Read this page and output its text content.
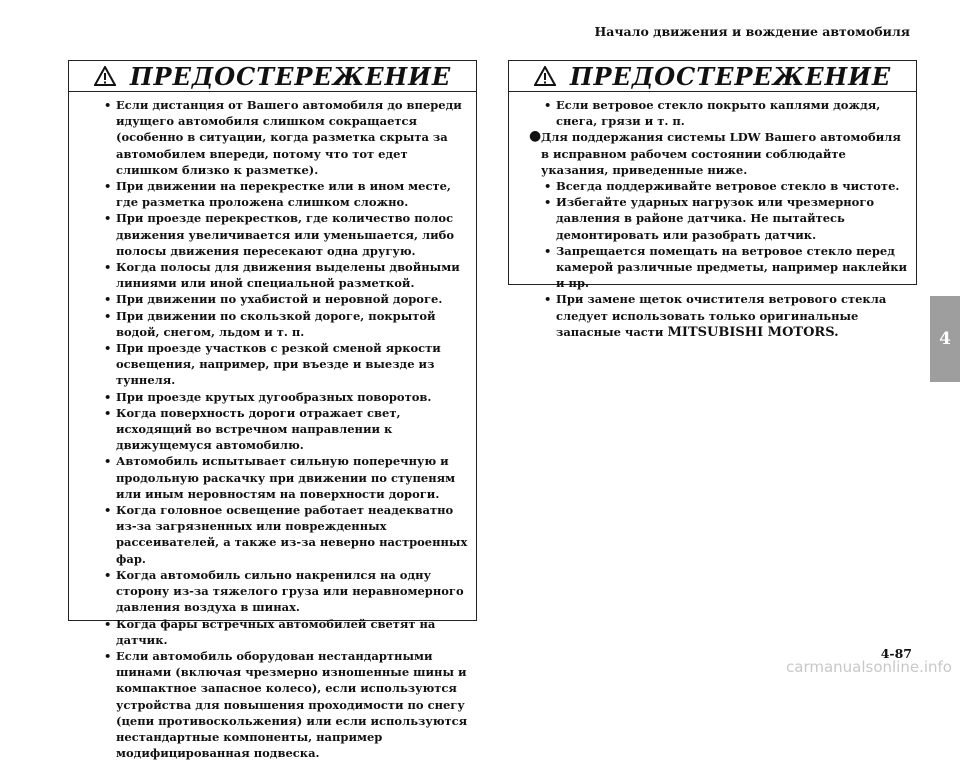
Начало движения и вождение автомобиля
4
ПРЕДОСТЕРЕЖЕНИЕ
• Если дистанция от Вашего автомобиля до впереди идущего автомобиля слишком сокращается (особенно в ситуации, когда разметка скрыта за автомобилем впереди, потому что тот едет слишком близко к разметке).
• При движении на перекрестке или в ином месте, где разметка проложена слишком сложно.
• При проезде перекрестков, где количество полос движения увеличивается или уменьшается, либо полосы движения пересекают одна другую.
• Когда полосы для движения выделены двойными линиями или иной специальной разметкой.
• При движении по ухабистой и неровной дороге.
• При движении по скользкой дороге, покрытой водой, снегом, льдом и т. п.
• При проезде участков с резкой сменой яркости освещения, например, при въезде и выезде из туннеля.
• При проезде крутых дугообразных поворотов.
• Когда поверхность дороги отражает свет, исходящий во встречном направлении к движущемуся автомобилю.
• Автомобиль испытывает сильную поперечную и продольную раскачку при движении по ступеням или иным неровностям на поверхности дороги.
• Когда головное освещение работает неадекватно из-за загрязненных или поврежденных рассеивателей, а также из-за неверно настроенных фар.
• Когда автомобиль сильно накренился на одну сторону из-за тяжелого груза или неравномерного давления воздуха в шинах.
• Когда фары встречных автомобилей светят на датчик.
• Если автомобиль оборудован нестандартными шинами (включая чрезмерно изношенные шины и компактное запасное колесо), если используются устройства для повышения проходимости по снегу (цепи противоскольжения) или если используются нестандартные компоненты, например модифицированная подвеска.
ПРЕДОСТЕРЕЖЕНИЕ
• Если ветровое стекло покрыто каплями дождя, снега, грязи и т. п.
● Для поддержания системы LDW Вашего автомобиля в исправном рабочем состоянии соблюдайте указания, приведенные ниже.
• Всегда поддерживайте ветровое стекло в чистоте.
• Избегайте ударных нагрузок или чрезмерного давления в районе датчика. Не пытайтесь демонтировать или разобрать датчик.
• Запрещается помещать на ветровое стекло перед камерой различные предметы, например наклейки и пр.
• При замене щеток очистителя ветрового стекла следует использовать только оригинальные запасные части MITSUBISHI MOTORS.
4-87
carmanualsonline.info
